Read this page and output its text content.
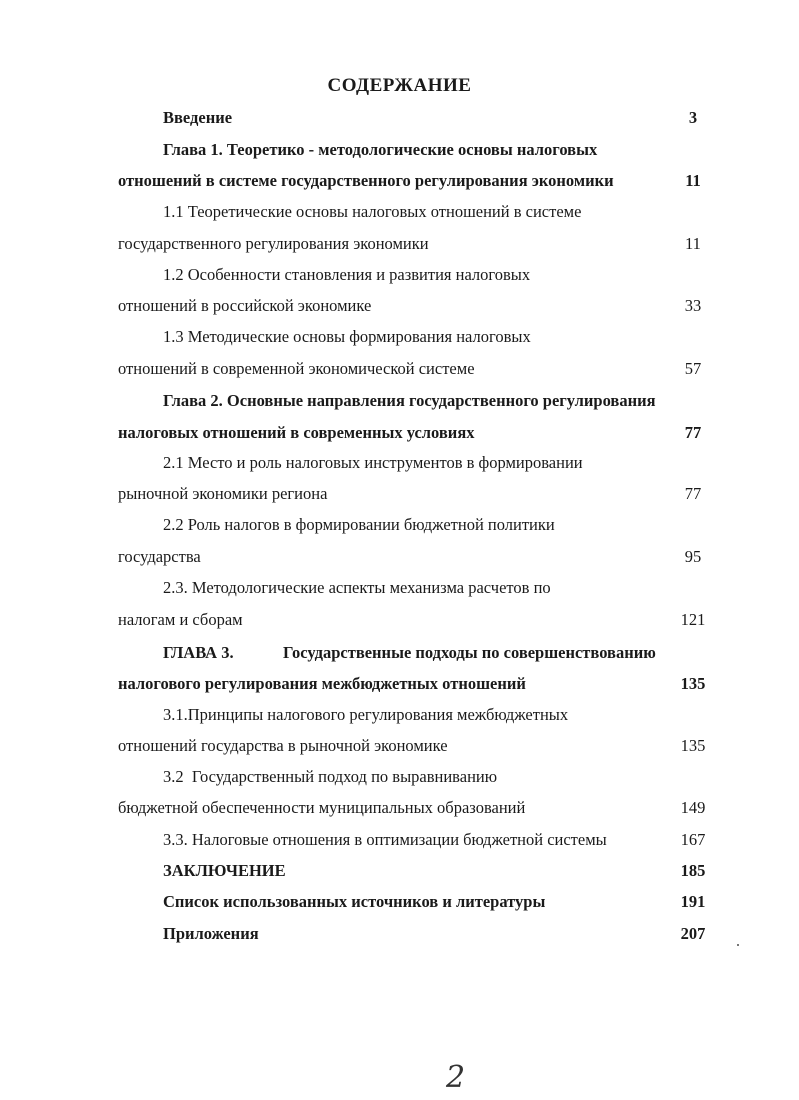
СОДЕРЖАНИЕ
Введение	3
Глава 1. Теоретико - методологические основы налоговых
отношений в системе государственного регулирования экономики	11
1.1 Теоретические основы налоговых отношений в системе
государственного регулирования экономики	11
1.2 Особенности становления и развития налоговых
отношений в российской экономике	33
1.3 Методические основы формирования налоговых
отношений в современной экономической системе	57
Глава 2. Основные направления государственного регулирования
налоговых отношений в современных условиях	77
2.1 Место и роль налоговых инструментов в формировании
рыночной экономики региона	77
2.2 Роль налогов в формировании бюджетной политики
государства	95
2.3. Методологические аспекты механизма расчетов по
налогам и сборам	121
ГЛАВА 3.	Государственные подходы по совершенствованию
налогового регулирования межбюджетных отношений	135
3.1.Принципы налогового регулирования межбюджетных
отношений государства в рыночной экономике	135
3.2  Государственный подход по выравниванию
бюджетной обеспеченности муниципальных образований	149
3.3. Налоговые отношения в оптимизации бюджетной системы	167
ЗАКЛЮЧЕНИЕ	185
Список использованных источников и литературы	191
Приложения	207
2
